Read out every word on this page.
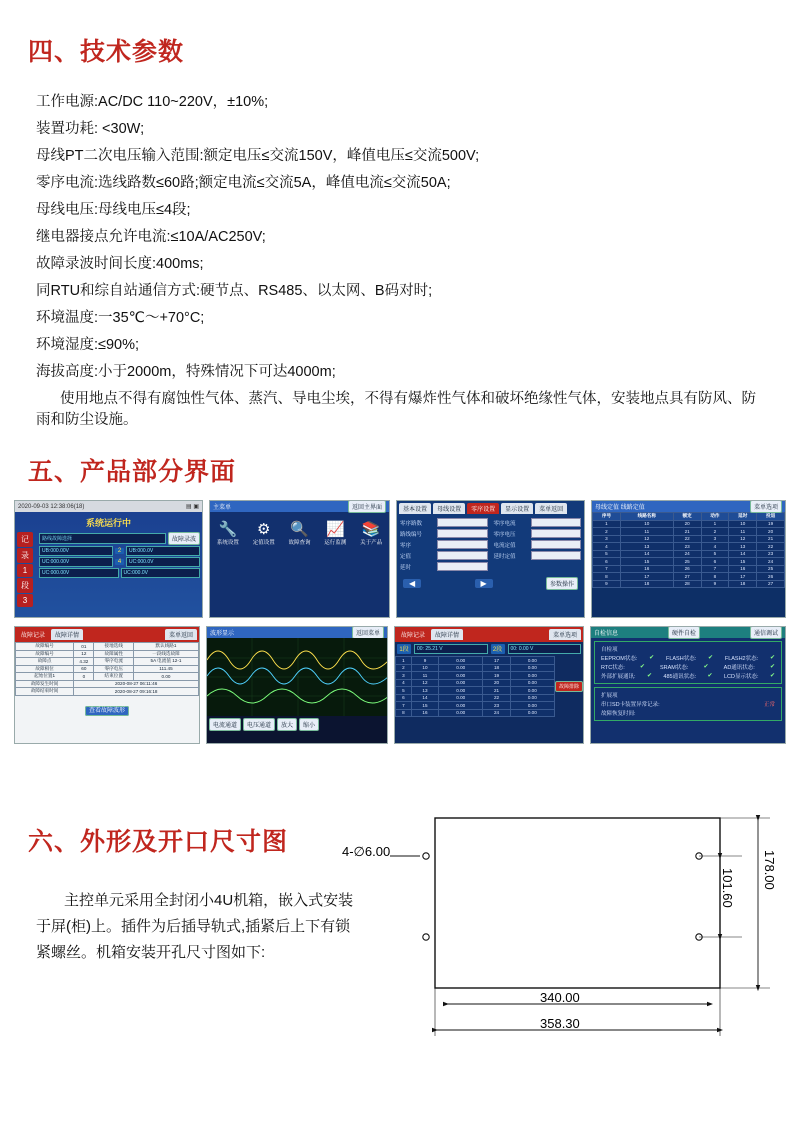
四、技术参数

工作电源:AC/DC 110~220V，±10%;

装置功耗: <30W;

母线PT二次电压输入范围:额定电压≤交流150V，峰值电压≤交流500V;

零序电流:选线路数≤60路;额定电流≤交流5A，峰值电流≤交流50A;

母线电压:母线电压≤4段;

继电器接点允许电流:≤10A/AC250V;

故障录波时间长度:400ms;

同RTU和综自站通信方式:硬节点、RS485、以太网、B码对时;

环境温度:一35℃～+70°C;

环境湿度:≤90%;

海拔高度:小于2000m，特殊情况下可达4000m;

使用地点不得有腐蚀性气体、蒸汽、导电尘埃，不得有爆炸性气体和破坏绝缘性气体，安装地点具有防风、防雨和防尘设施。

五、产品部分界面
2020-09-03 12:38:06(18)	▤ ▣
系统运行中
记
录
1
段
3
路线故障选择	故障录波
UB:000.00V	2	UB:000.0V
UC:000.00V	4	UC:000.0V
UC:000.00V	UC:000.0V
主菜单	返回主界面
🔧
系统设置
⚙
定值设置
🔍
故障查询
📈
运行监测
📚
关于产品
基本设置	母线设置	零序设置	显示设置	菜单返回
零序路数
路线编号
零序
定值
延时
零序电流
零序电压
电流定值
延时定值
◀	▶	参数操作
母线定值 线路定值	菜单选项
序号	线路名称	额定	动作	延时	投退
1	10	20	1	10	19
2	11	21	2	11	20
3	12	22	3	12	21
4	13	23	4	13	22
5	14	24	5	14	23
6	15	25	6	15	24
7	16	26	7	16	25
8	17	27	8	17	26
9	18	28	9	18	27
故障记录	故障详情	菜单返回
故障编号	01	接地选线	默认线路1
故障编号	12	故障属性	一段线选故障
故障点	4.32	零序电流	5A 电流值 12-1
故障相位	60	零序电压	111.45
起始位置1	0	结束位置	0.00
故障发生时间	2020-08-27 06:11:46		
故障结束时间	2020-08-27 09:16:18		
查看故障波形
波形显示	返回菜单
电流通道	电压通道	放大	缩小
故障记录	故障详情	菜单选项
1段	00: 25.21 V	2段	00: 0.00 V
1	9	0.00	17	0.00
2	10	0.00	18	0.00
3	11	0.00	19	0.00
4	12	0.00	20	0.00
5	13	0.00	21	0.00
6	14	0.00	22	0.00
7	15	0.00	23	0.00
8	16	0.00	24	0.00
故障排除
自检信息	硬件自检	通信调试
自检项
EEPROM状态: ✔ FLASH状态: ✔ FLASH2状态: ✔
RTC状态:	✔	SRAM状态:	✔	AD通讯状态:	✔
外部扩展通讯: ✔ 485通讯状态: ✔ LCD显示状态: ✔
扩展项
串口SD卡装置异常记录:	正常
故障恢复时间:
六、外形及开口尺寸图

主控单元采用全封闭小4U机箱，嵌入式安装于屏(柜)上。插件为后插导轨式,插紧后上下有锁紧螺丝。机箱安装开孔尺寸图如下:

4-∅6.00
340.00
358.30
101.60 178.00
